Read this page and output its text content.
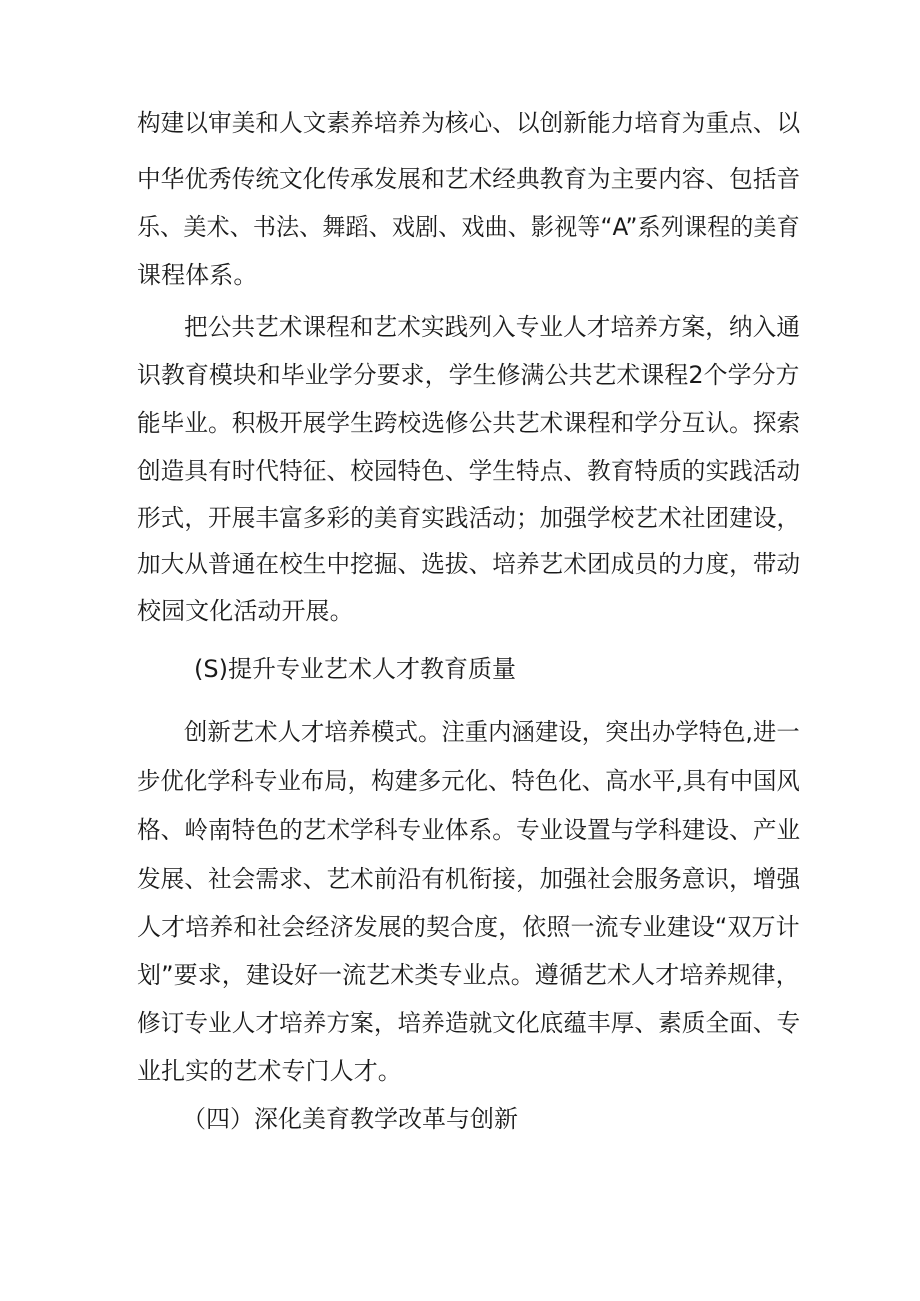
构建以审美和人文素养培养为核心、以创新能力培育为重点、以
中华优秀传统文化传承发展和艺术经典教育为主要内容、包括音
乐、美术、书法、舞蹈、戏剧、戏曲、影视等“A”系列课程的美育
课程体系。
把公共艺术课程和艺术实践列入专业人才培养方案，纳入通
识教育模块和毕业学分要求，学生修满公共艺术课程2个学分方
能毕业。积极开展学生跨校选修公共艺术课程和学分互认。探索
创造具有时代特征、校园特色、学生特点、教育特质的实践活动
形式，开展丰富多彩的美育实践活动；加强学校艺术社团建设，
加大从普通在校生中挖掘、选拔、培养艺术团成员的力度，带动
校园文化活动开展。
(S)提升专业艺术人才教育质量
创新艺术人才培养模式。注重内涵建设，突出办学特色,进一
步优化学科专业布局，构建多元化、特色化、高水平,具有中国风
格、岭南特色的艺术学科专业体系。专业设置与学科建设、产业
发展、社会需求、艺术前沿有机衔接，加强社会服务意识，增强
人才培养和社会经济发展的契合度，依照一流专业建设“双万计
划”要求，建设好一流艺术类专业点。遵循艺术人才培养规律，
修订专业人才培养方案，培养造就文化底蕴丰厚、素质全面、专
业扎实的艺术专门人才。
（四）深化美育教学改革与创新
